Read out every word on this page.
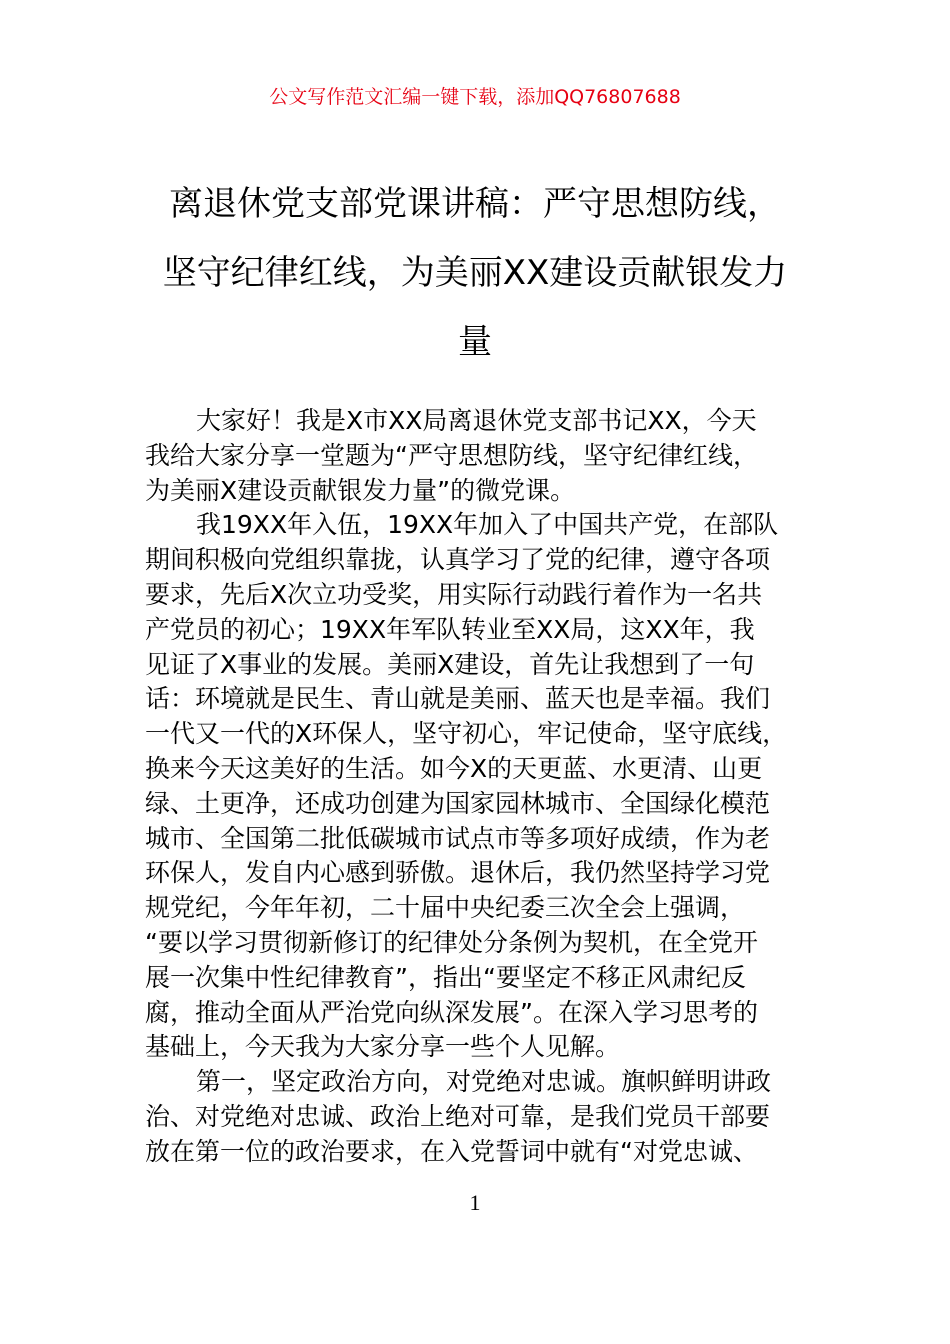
公文写作范文汇编一键下载，添加QQ76807688
离退休党支部党课讲稿：严守思想防线，
坚守纪律红线，为美丽XX建设贡献银发力
量
大家好！我是X市XX局离退休党支部书记XX，今天
我给大家分享一堂题为“严守思想防线，坚守纪律红线，
为美丽X建设贡献银发力量”的微党课。
我19XX年入伍，19XX年加入了中国共产党，在部队
期间积极向党组织靠拢，认真学习了党的纪律，遵守各项
要求，先后X次立功受奖，用实际行动践行着作为一名共
产党员的初心；19XX年军队转业至XX局，这XX年，我
见证了X事业的发展。美丽X建设，首先让我想到了一句
话：环境就是民生、青山就是美丽、蓝天也是幸福。我们
一代又一代的X环保人，坚守初心，牢记使命，坚守底线，
换来今天这美好的生活。如今X的天更蓝、水更清、山更
绿、土更净，还成功创建为国家园林城市、全国绿化模范
城市、全国第二批低碳城市试点市等多项好成绩，作为老
环保人，发自内心感到骄傲。退休后，我仍然坚持学习党
规党纪，今年年初，二十届中央纪委三次全会上强调，
“要以学习贯彻新修订的纪律处分条例为契机，在全党开
展一次集中性纪律教育”，指出“要坚定不移正风肃纪反
腐，推动全面从严治党向纵深发展”。在深入学习思考的
基础上，今天我为大家分享一些个人见解。
第一，坚定政治方向，对党绝对忠诚。旗帜鲜明讲政
治、对党绝对忠诚、政治上绝对可靠，是我们党员干部要
放在第一位的政治要求，在入党誓词中就有“对党忠诚、
1
